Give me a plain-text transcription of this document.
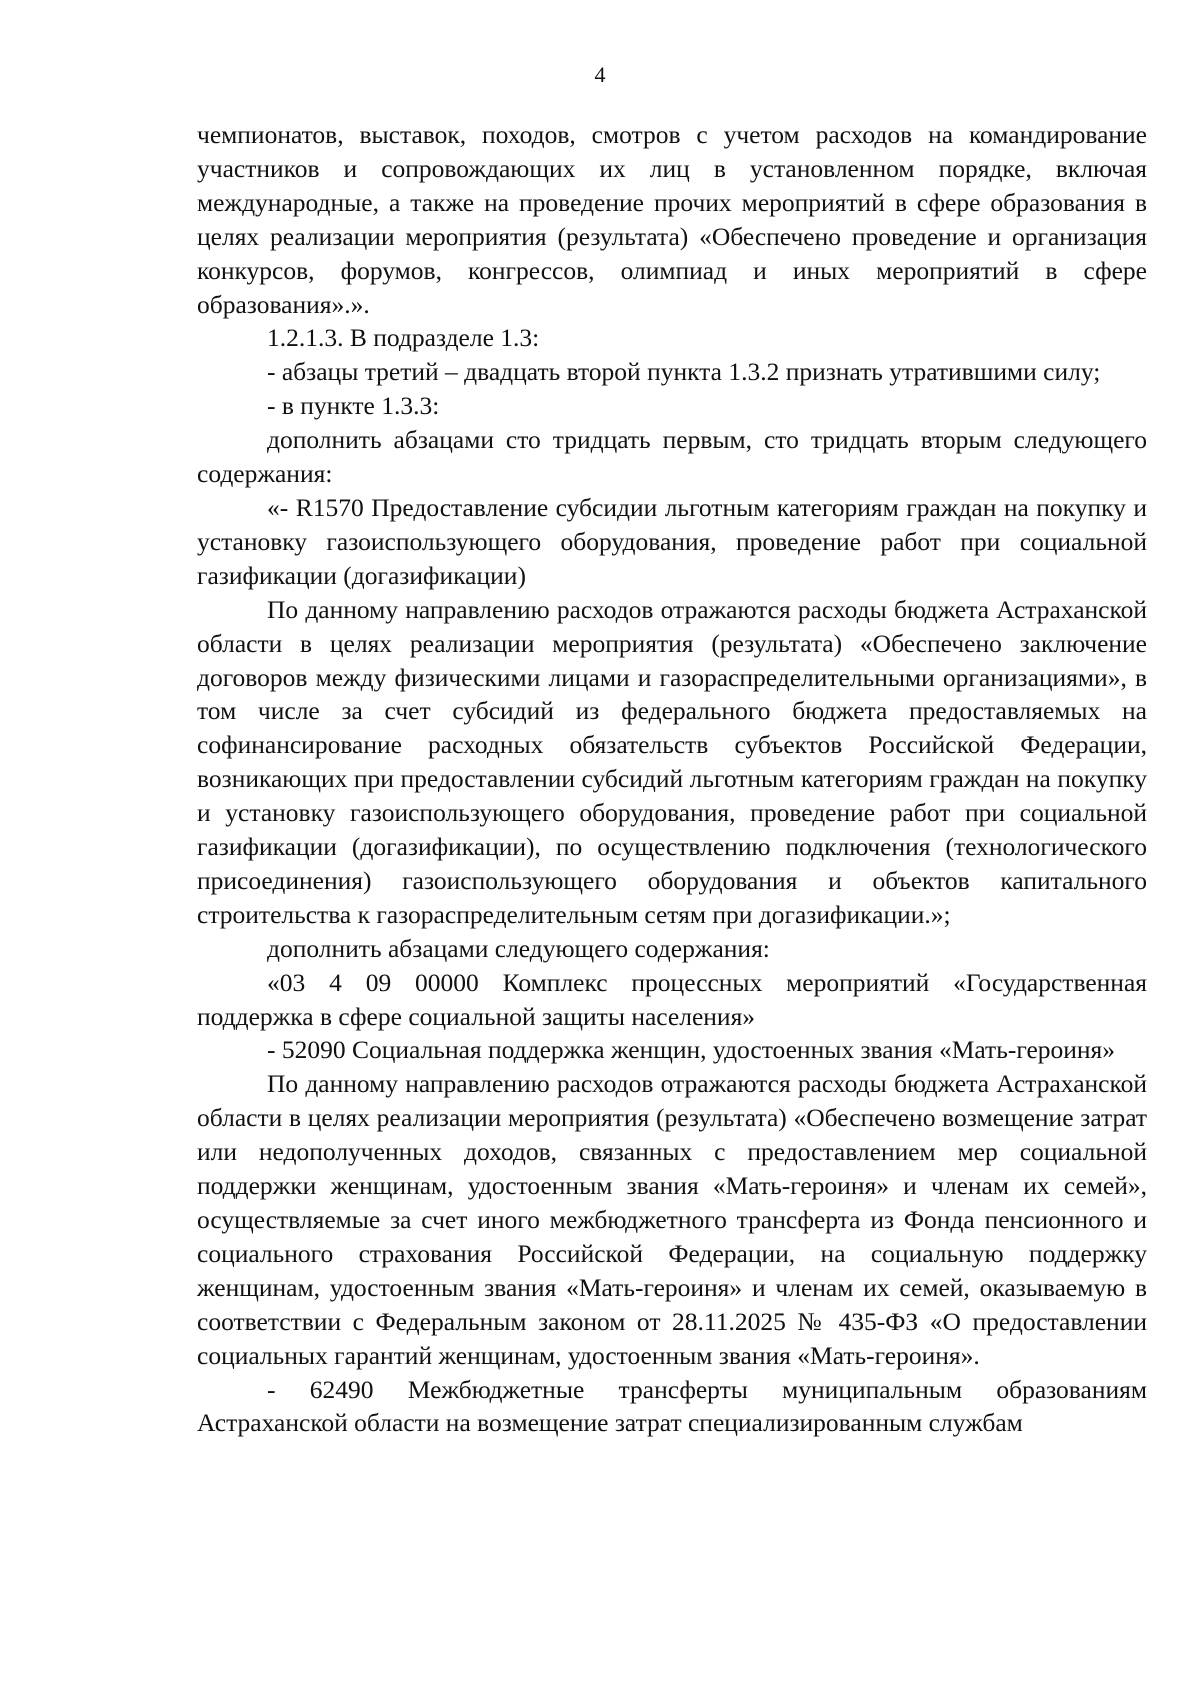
4

чемпионатов, выставок, походов, смотров с учетом расходов на командирование участников и сопровождающих их лиц в установленном порядке, включая международные, а также на проведение прочих мероприятий в сфере образования в целях реализации мероприятия (результата) «Обеспечено проведение и организация конкурсов, форумов, конгрессов, олимпиад и иных мероприятий в сфере образования».».

1.2.1.3. В подразделе 1.3:

- абзацы третий – двадцать второй пункта 1.3.2 признать утратившими силу;

- в пункте 1.3.3:

дополнить абзацами сто тридцать первым, сто тридцать вторым следующего содержания:

«- R1570 Предоставление субсидии льготным категориям граждан на покупку и установку газоиспользующего оборудования, проведение работ при социальной газификации (догазификации)

По данному направлению расходов отражаются расходы бюджета Астраханской области в целях реализации мероприятия (результата) «Обеспечено заключение договоров между физическими лицами и газораспределительными организациями», в том числе за счет субсидий из федерального бюджета предоставляемых на софинансирование расходных обязательств субъектов Российской Федерации, возникающих при предоставлении субсидий льготным категориям граждан на покупку и установку газоиспользующего оборудования, проведение работ при социальной газификации (догазификации), по осуществлению подключения (технологического присоединения) газоиспользующего оборудования и объектов капитального строительства к газораспределительным сетям при догазификации.»;

дополнить абзацами следующего содержания:

«03 4 09 00000 Комплекс процессных мероприятий «Государственная поддержка в сфере социальной защиты населения»

- 52090 Социальная поддержка женщин, удостоенных звания «Мать-героиня»

По данному направлению расходов отражаются расходы бюджета Астраханской области в целях реализации мероприятия (результата) «Обеспечено возмещение затрат или недополученных доходов, связанных с предоставлением мер социальной поддержки женщинам, удостоенным звания «Мать-героиня» и членам их семей», осуществляемые за счет иного межбюджетного трансферта из Фонда пенсионного и социального страхования Российской Федерации, на социальную поддержку женщинам, удостоенным звания «Мать-героиня» и членам их семей, оказываемую в соответствии с Федеральным законом от 28.11.2025 № 435-ФЗ «О предоставлении социальных гарантий женщинам, удостоенным звания «Мать-героиня».

- 62490 Межбюджетные трансферты муниципальным образованиям Астраханской области на возмещение затрат специализированным службам
